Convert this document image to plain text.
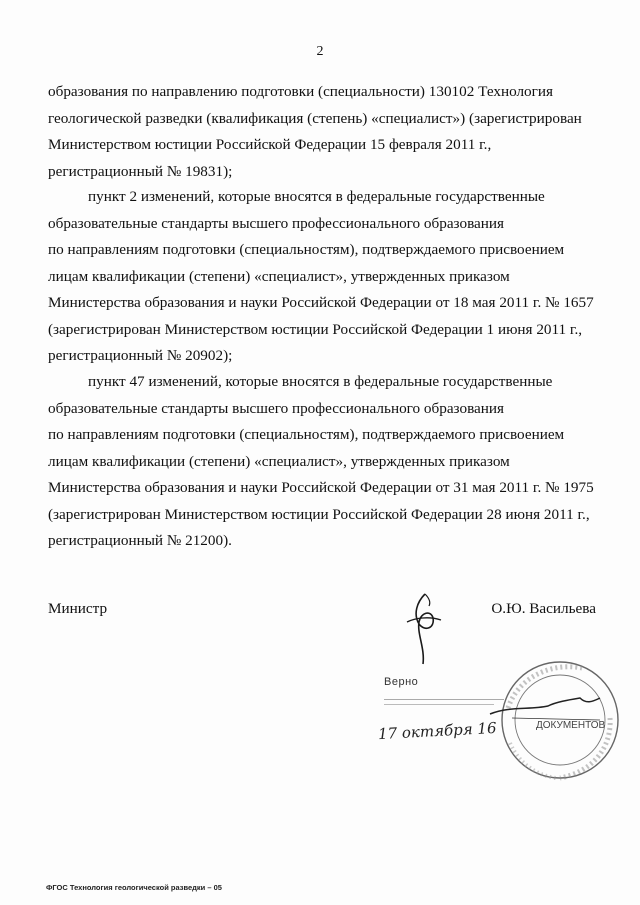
2

образования по направлению подготовки (специальности) 130102 Технология

геологической разведки (квалификация (степень) «специалист») (зарегистрирован

Министерством юстиции Российской Федерации 15 февраля 2011 г.,

регистрационный № 19831);

пункт 2 изменений, которые вносятся в федеральные государственные

образовательные стандарты высшего профессионального образования

по направлениям подготовки (специальностям), подтверждаемого присвоением

лицам квалификации (степени) «специалист», утвержденных приказом

Министерства образования и науки Российской Федерации от 18 мая 2011 г. № 1657

(зарегистрирован Министерством юстиции Российской Федерации 1 июня 2011 г.,

регистрационный № 20902);

пункт 47 изменений, которые вносятся в федеральные государственные

образовательные стандарты высшего профессионального образования

по направлениям подготовки (специальностям), подтверждаемого присвоением

лицам квалификации (степени) «специалист», утвержденных приказом

Министерства образования и науки Российской Федерации от 31 мая 2011 г. № 1975

(зарегистрирован Министерством юстиции Российской Федерации 28 июня 2011 г.,

регистрационный № 21200).

Министр	О.Ю. Васильева
ДОКУМЕНТОВ
Верно
17 октября 16
ФГОС Технология геологической разведки – 05
